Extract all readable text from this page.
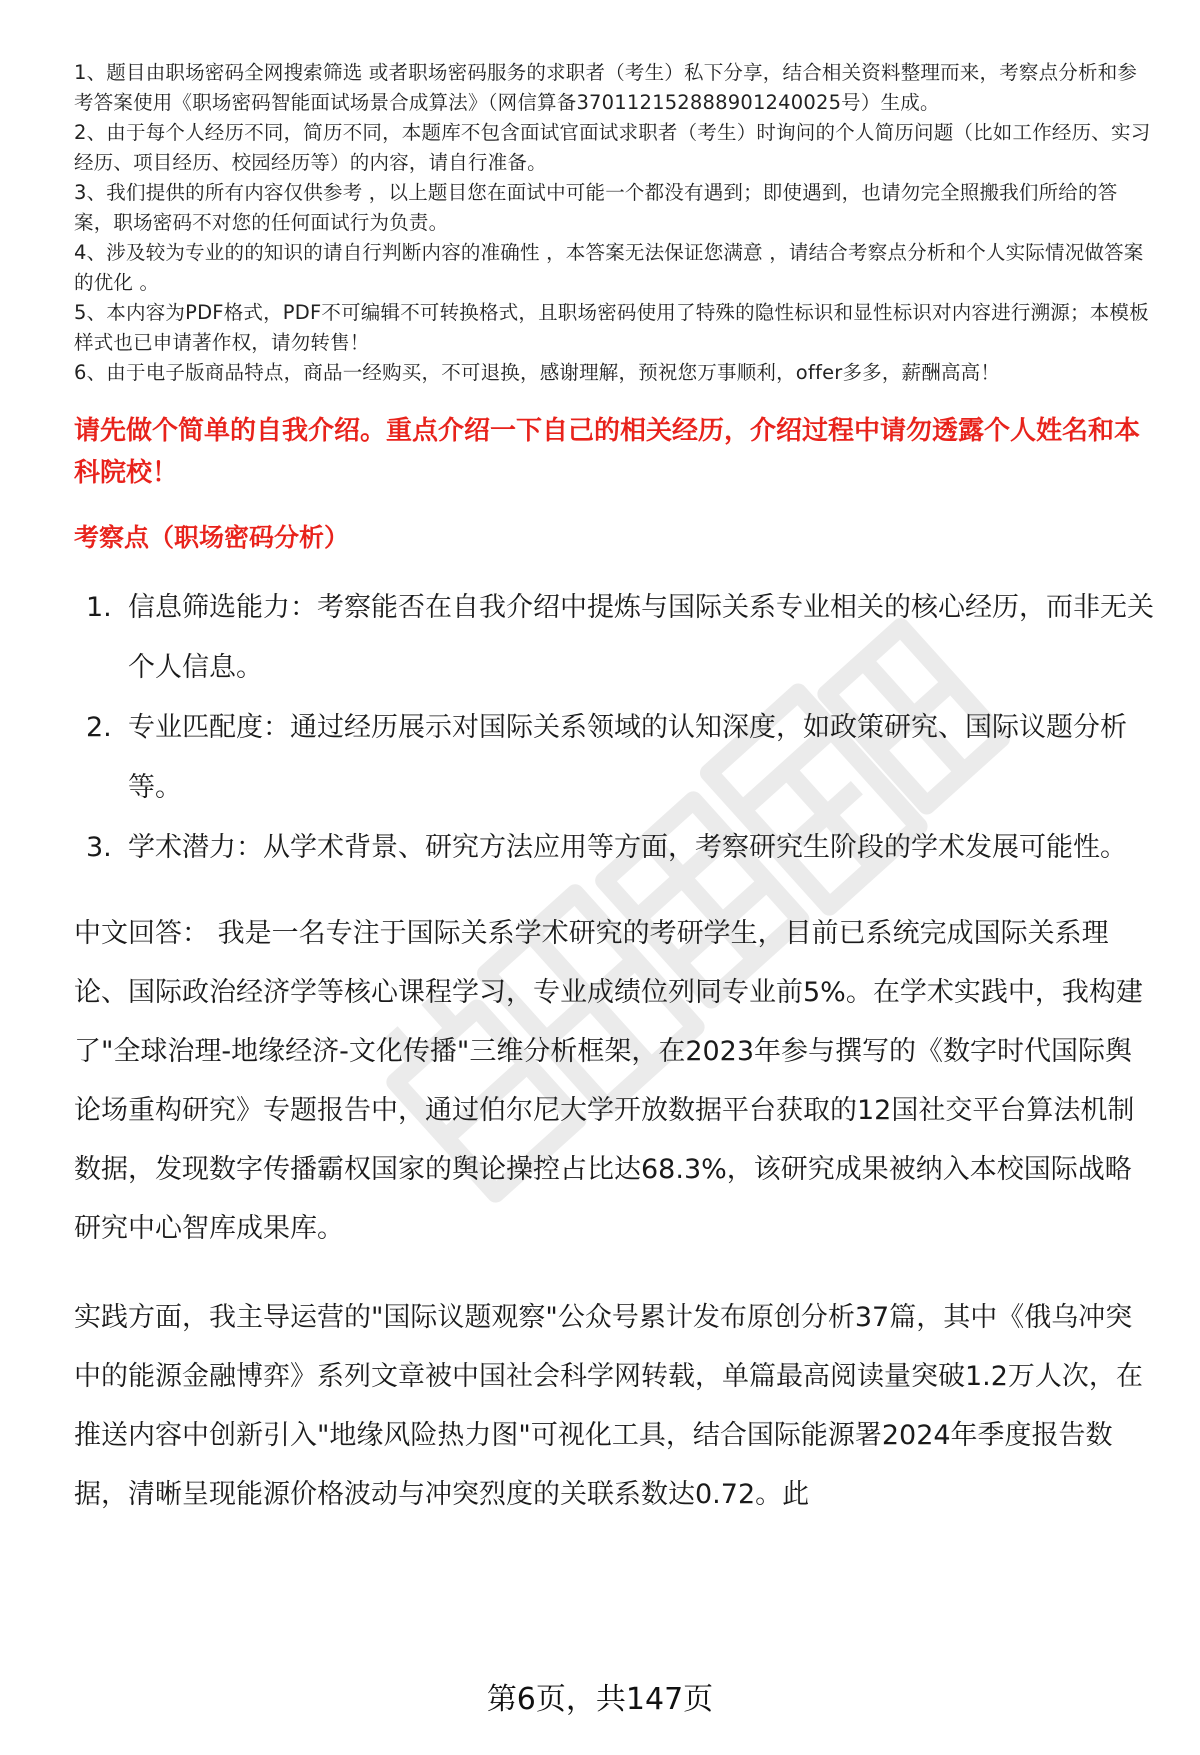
1、题目由职场密码全网搜索筛选 或者职场密码服务的求职者（考生）私下分享，结合相关资料整理而来，考察点分析和参考答案使用《职场密码智能面试场景合成算法》（网信算备370112152888901240025号）生成。

2、由于每个人经历不同，简历不同，本题库不包含面试官面试求职者（考生）时询问的个人简历问题（比如工作经历、实习经历、项目经历、校园经历等）的内容，请自行准备。

3、我们提供的所有内容仅供参考 ，以上题目您在面试中可能一个都没有遇到；即使遇到，也请勿完全照搬我们所给的答案，职场密码不对您的任何面试行为负责。

4、涉及较为专业的的知识的请自行判断内容的准确性 ，本答案无法保证您满意 ，请结合考察点分析和个人实际情况做答案的优化 。

5、本内容为PDF格式，PDF不可编辑不可转换格式，且职场密码使用了特殊的隐性标识和显性标识对内容进行溯源；本模板样式也已申请著作权，请勿转售！

6、由于电子版商品特点，商品一经购买，不可退换，感谢理解，预祝您万事顺利，offer多多，薪酬高高！

请先做个简单的自我介绍。重点介绍一下自己的相关经历，介绍过程中请勿透露个人姓名和本科院校！
考察点（职场密码分析）
1. 信息筛选能力：考察能否在自我介绍中提炼与国际关系专业相关的核心经历，而非无关个人信息。
2. 专业匹配度：通过经历展示对国际关系领域的认知深度，如政策研究、国际议题分析等。
3. 学术潜力：从学术背景、研究方法应用等方面，考察研究生阶段的学术发展可能性。

中文回答： 我是一名专注于国际关系学术研究的考研学生，目前已系统完成国际关系理论、国际政治经济学等核心课程学习，专业成绩位列同专业前5%。在学术实践中，我构建了"全球治理-地缘经济-文化传播"三维分析框架，在2023年参与撰写的《数字时代国际舆论场重构研究》专题报告中，通过伯尔尼大学开放数据平台获取的12国社交平台算法机制数据，发现数字传播霸权国家的舆论操控占比达68.3%，该研究成果被纳入本校国际战略研究中心智库成果库。

实践方面，我主导运营的"国际议题观察"公众号累计发布原创分析37篇，其中《俄乌冲突中的能源金融博弈》系列文章被中国社会科学网转载，单篇最高阅读量突破1.2万人次，在推送内容中创新引入"地缘风险热力图"可视化工具，结合国际能源署2024年季度报告数据，清晰呈现能源价格波动与冲突烈度的关联系数达0.72。此

第6页，共147页
